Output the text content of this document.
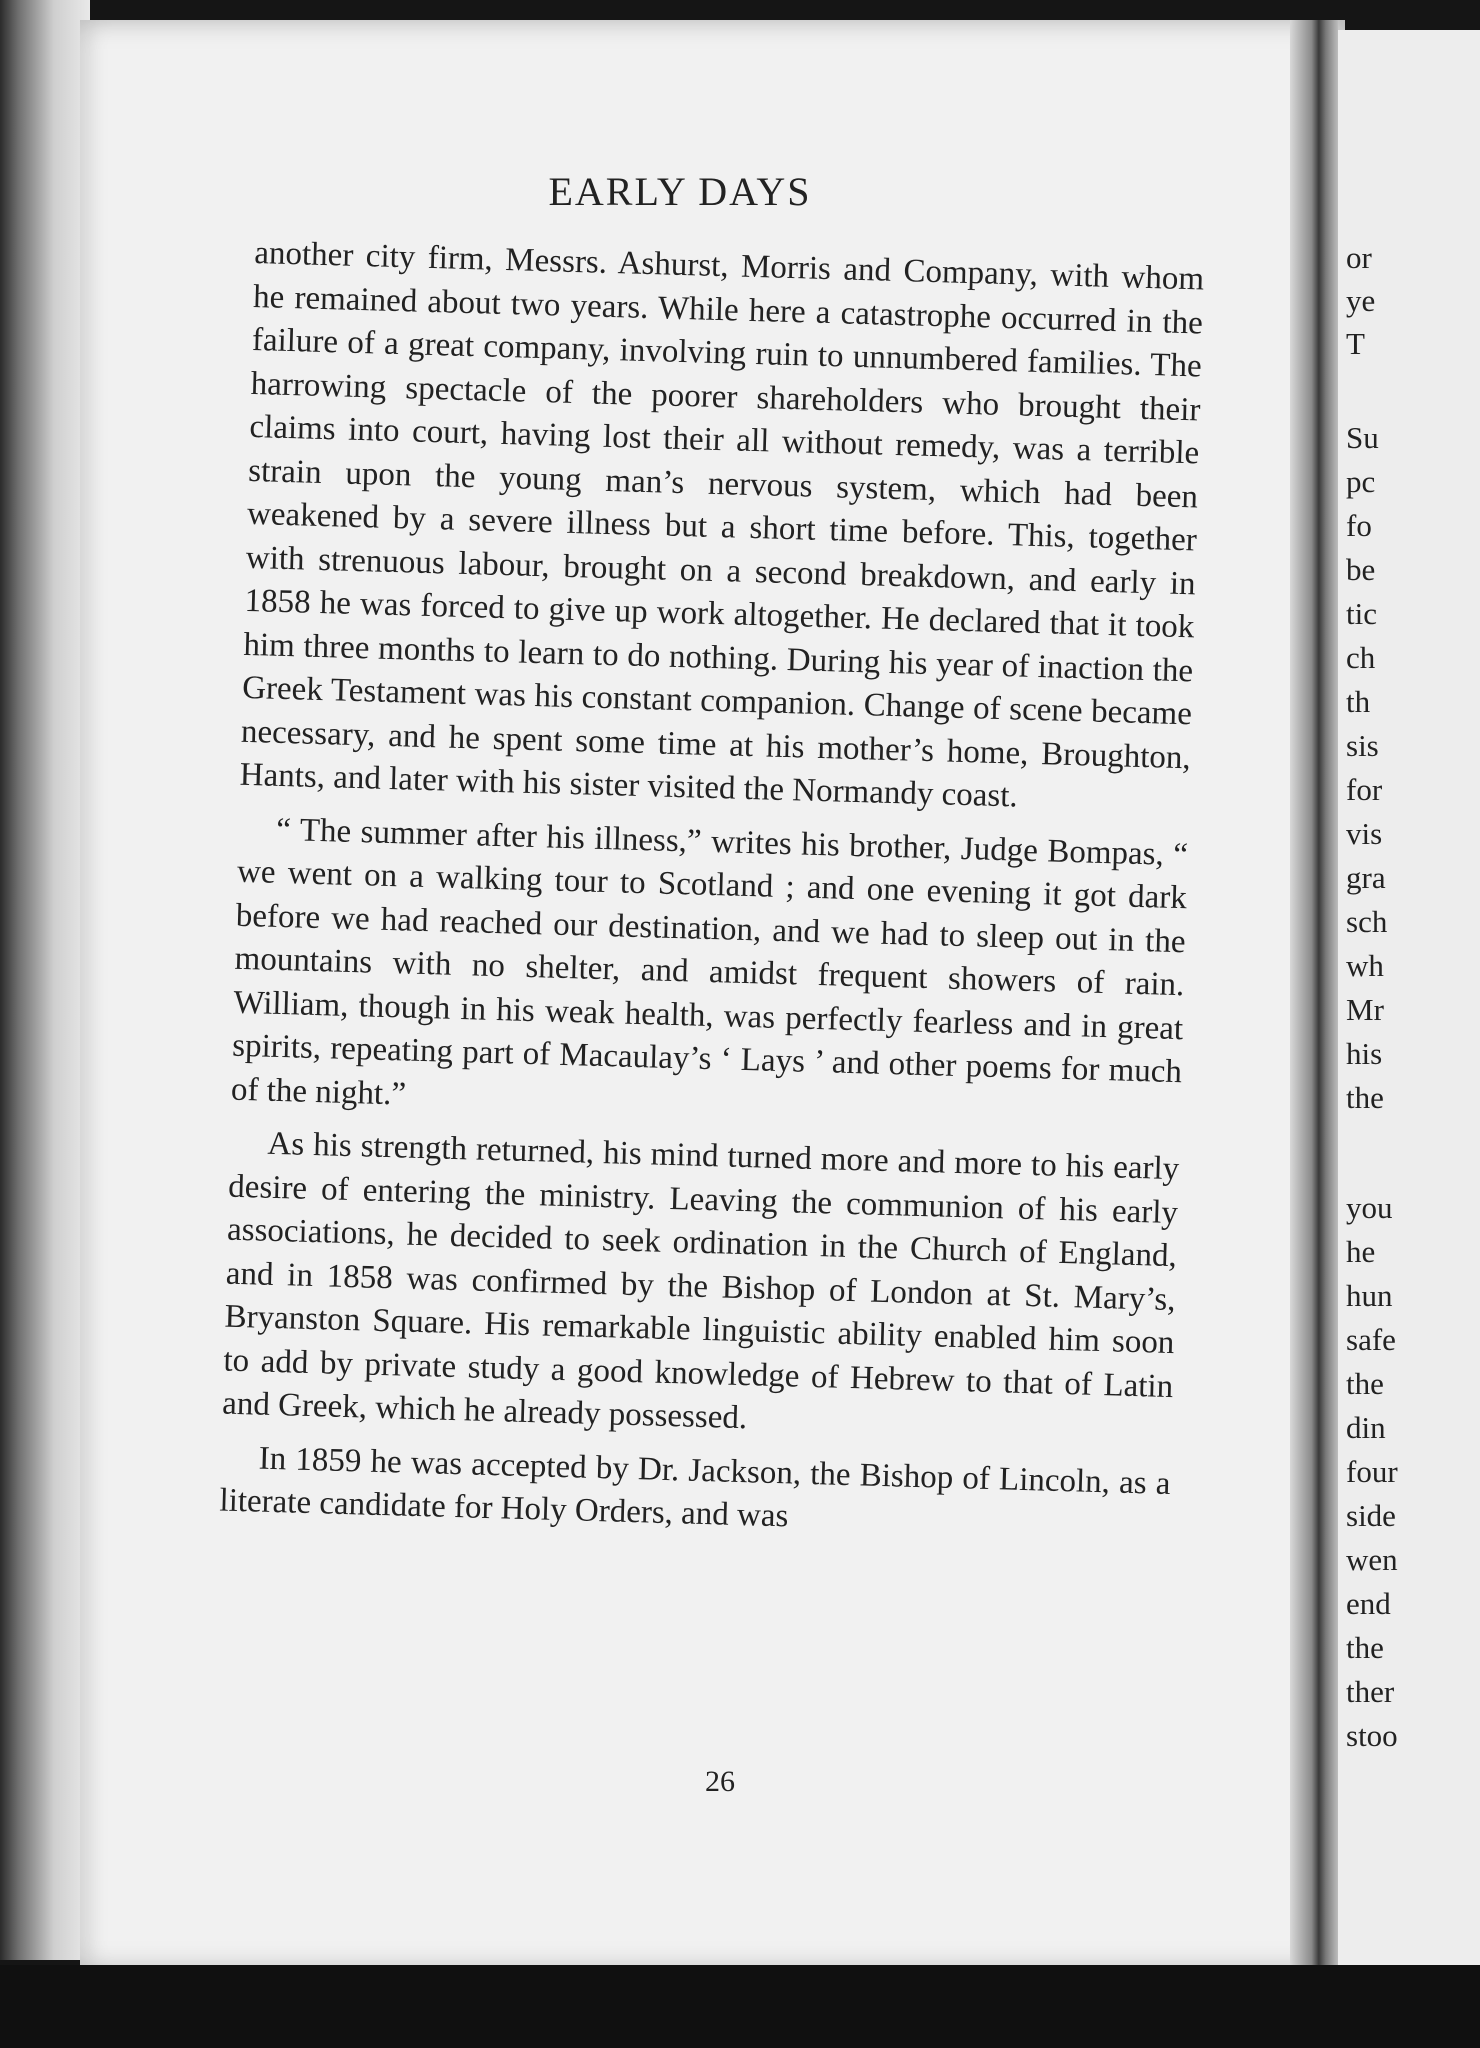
or
ye
T
Su
pc
fo
be
tic
ch
th
sis
for
vis
gra
sch
wh
Mr
his
the
you
he
hun
safe
the
din
four
side
wen
end
the
ther
stoo
EARLY DAYS

another city firm, Messrs. Ashurst, Morris and Company, with whom he remained about two years. While here a catastrophe occurred in the failure of a great company, involving ruin to unnumbered families. The harrowing spectacle of the poorer shareholders who brought their claims into court, having lost their all without remedy, was a terrible strain upon the young man’s nervous system, which had been weakened by a severe illness but a short time before. This, together with strenuous labour, brought on a second breakdown, and early in 1858 he was forced to give up work altogether. He declared that it took him three months to learn to do nothing. During his year of inaction the Greek Testament was his constant companion. Change of scene became necessary, and he spent some time at his mother’s home, Broughton, Hants, and later with his sister visited the Normandy coast.

“ The summer after his illness,” writes his brother, Judge Bompas, “ we went on a walking tour to Scotland ; and one evening it got dark before we had reached our destination, and we had to sleep out in the mountains with no shelter, and amidst frequent showers of rain. William, though in his weak health, was perfectly fearless and in great spirits, repeating part of Macaulay’s ‘ Lays ’ and other poems for much of the night.”

As his strength returned, his mind turned more and more to his early desire of entering the ministry. Leaving the communion of his early associations, he decided to seek ordination in the Church of England, and in 1858 was confirmed by the Bishop of London at St. Mary’s, Bryanston Square. His remarkable linguistic ability enabled him soon to add by private study a good knowledge of Hebrew to that of Latin and Greek, which he already possessed.

In 1859 he was accepted by Dr. Jackson, the Bishop of Lincoln, as a literate candidate for Holy Orders, and was

26
